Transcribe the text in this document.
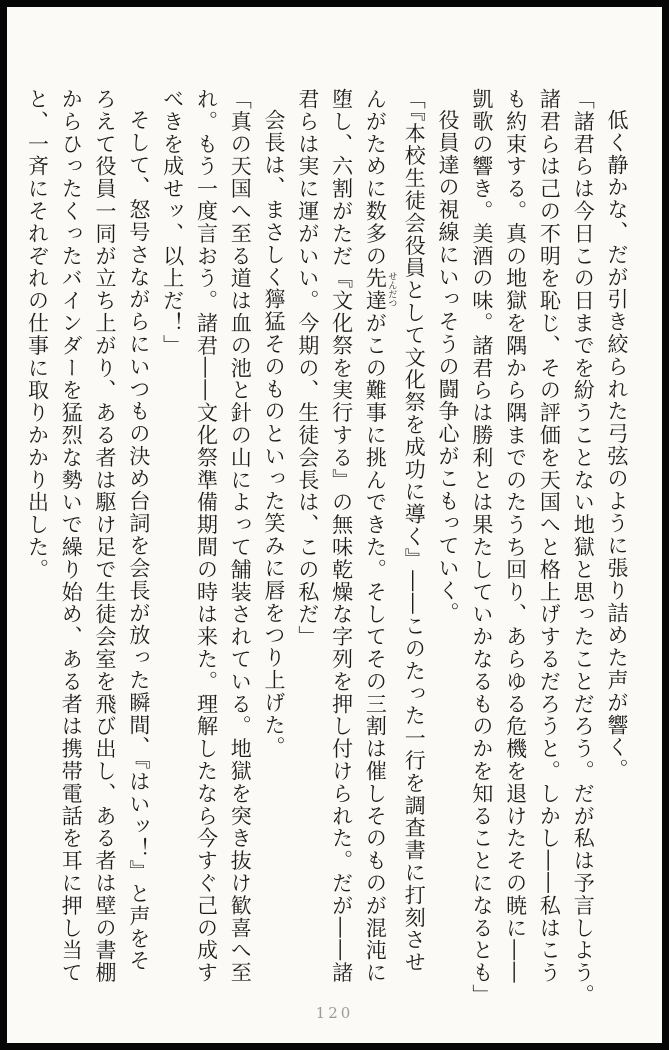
低く静かな、だが引き絞られた弓弦のように張り詰めた声が響く。
「諸君らは今日この日までを紛うことない地獄と思ったことだろう。だが私は予言しよう。
諸君らは己の不明を恥じ、その評価を天国へと格上げするだろうと。しかし――私はこう
も約束する。真の地獄を隅から隅までのたうち回り、あらゆる危機を退けたその暁に――
凱歌の響き。美酒の味。諸君らは勝利とは果たしていかなるものかを知ることになるとも」
役員達の視線にいっそうの闘争心がこもっていく。
「『本校生徒会役員として文化祭を成功に導く』――このたった一行を調査書に打刻させ
んがために数多の先達 せんだつがこの難事に挑んできた。そしてその三割は催しそのものが混沌に
堕し、六割がただ『文化祭を実行する』の無味乾燥な字列を押し付けられた。だが――諸
君らは実に運がいい。今期の、生徒会長は、この私だ」
会長は、まさしく獰猛そのものといった笑みに唇をつり上げた。
「真の天国へ至る道は血の池と針の山によって舗装されている。地獄を突き抜け歓喜へ至
れ。もう一度言おう。諸君――文化祭準備期間の時は来た。理解したなら今すぐ己の成す
べきを成せッ、以上だ！」
そして、怒号さながらにいつもの決め台詞を会長が放った瞬間、『はいッ！』と声をそ
ろえて役員一同が立ち上がり、ある者は駆け足で生徒会室を飛び出し、ある者は壁の書棚
からひったくったバインダーを猛烈な勢いで繰り始め、ある者は携帯電話を耳に押し当て
と、一斉にそれぞれの仕事に取りかかり出した。
120
